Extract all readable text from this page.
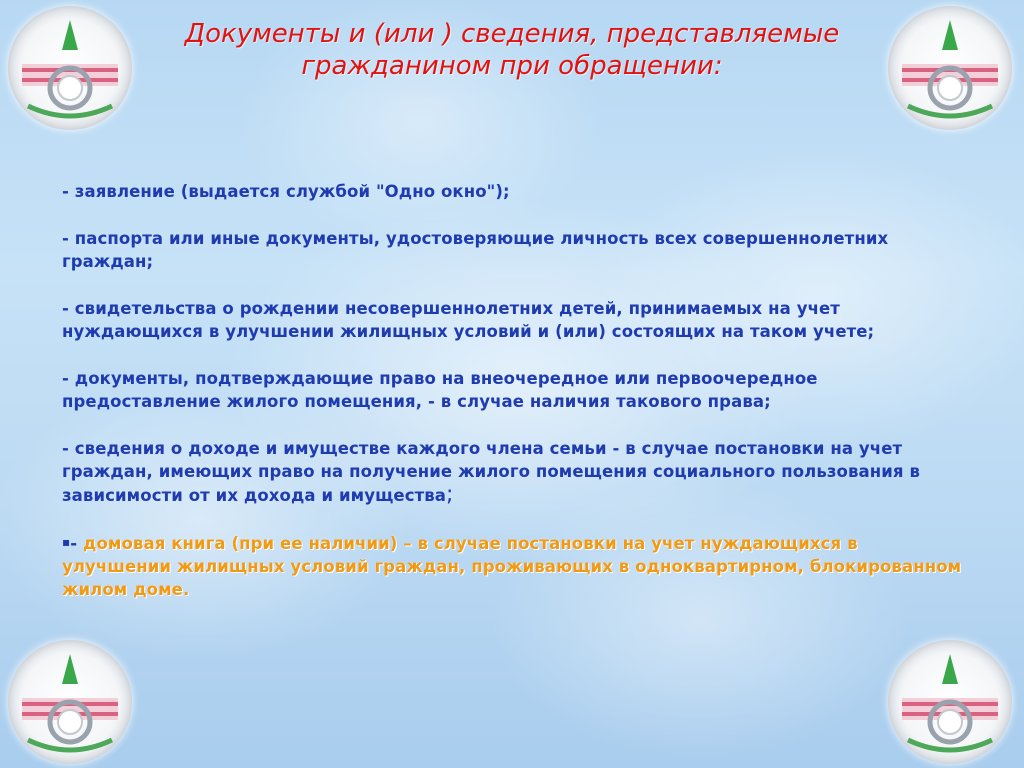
Документы и (или ) сведения, представляемые
гражданином при обращении:
- заявление (выдается службой "Одно окно");
- паспорта или иные документы, удостоверяющие личность всех совершеннолетних граждан;
- свидетельства о рождении несовершеннолетних детей, принимаемых на учет нуждающихся в улучшении жилищных условий и (или) состоящих на таком учете;
- документы, подтверждающие право на внеочередное или первоочередное предоставление жилого помещения, - в случае наличия такового права;
- сведения о доходе и имуществе каждого члена семьи - в случае постановки на учет граждан, имеющих право на получение жилого помещения социального пользования в зависимости от их дохода и имущества;
▪- домовая книга (при ее наличии) – в случае постановки на учет нуждающихся в улучшении жилищных условий граждан, проживающих в одноквартирном, блокированном жилом доме.
